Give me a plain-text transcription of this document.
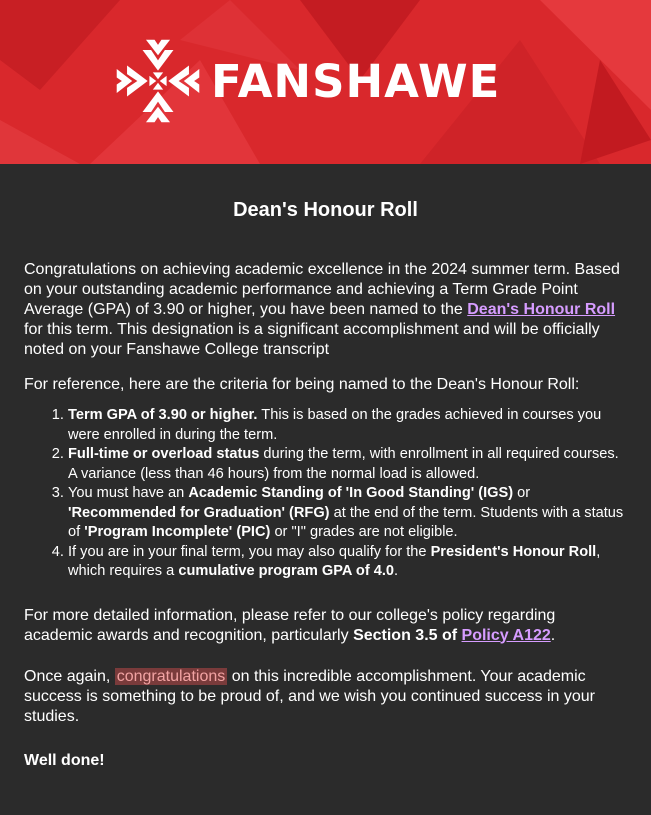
FANSHAWE
Dean's Honour Roll

Congratulations on achieving academic excellence in the 2024 summer term. Based on your outstanding academic performance and achieving a Term Grade Point Average (GPA) of 3.90 or higher, you have been named to the Dean's Honour Roll for this term. This designation is a significant accomplishment and will be officially noted on your Fanshawe College transcript

For reference, here are the criteria for being named to the Dean's Honour Roll:

1. Term GPA of 3.90 or higher. This is based on the grades achieved in courses you were enrolled in during the term.
2. Full-time or overload status during the term, with enrollment in all required courses. A variance (less than 46 hours) from the normal load is allowed.
3. You must have an Academic Standing of 'In Good Standing' (IGS) or 'Recommended for Graduation' (RFG) at the end of the term. Students with a status of 'Program Incomplete' (PIC) or "I" grades are not eligible.
4. If you are in your final term, you may also qualify for the President's Honour Roll, which requires a cumulative program GPA of 4.0.

For more detailed information, please refer to our college's policy regarding academic awards and recognition, particularly Section 3.5 of Policy A122.

Once again, congratulations on this incredible accomplishment. Your academic success is something to be proud of, and we wish you continued success in your studies.

Well done!
